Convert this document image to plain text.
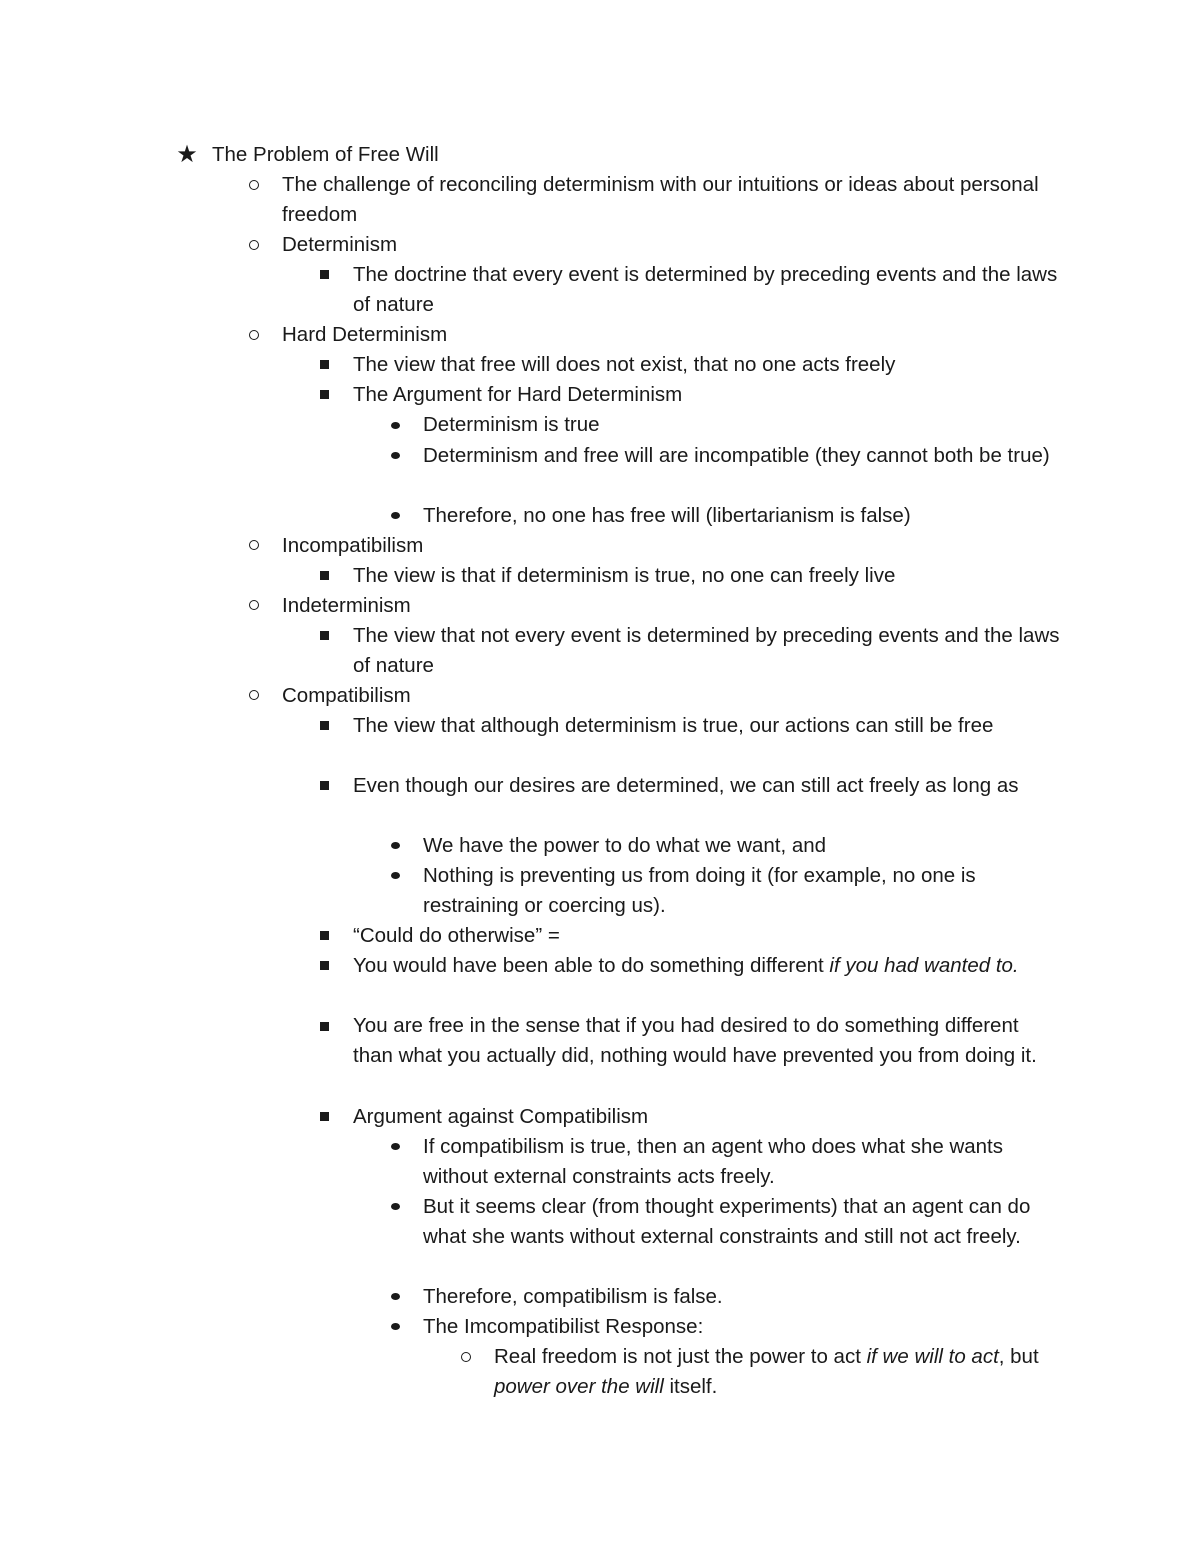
★ The Problem of Free Will
The challenge of reconciling determinism with our intuitions or ideas about personal freedom
Determinism
The doctrine that every event is determined by preceding events and the laws of nature
Hard Determinism
The view that free will does not exist, that no one acts freely
The Argument for Hard Determinism
Determinism is true
Determinism and free will are incompatible (they cannot both be true)
Therefore, no one has free will (libertarianism is false)
Incompatibilism
The view is that if determinism is true, no one can freely live
Indeterminism
The view that not every event is determined by preceding events and the laws of nature
Compatibilism
The view that although determinism is true, our actions can still be free
Even though our desires are determined, we can still act freely as long as
We have the power to do what we want, and
Nothing is preventing us from doing it (for example, no one is restraining or coercing us).
“Could do otherwise” =
You would have been able to do something different if you had wanted to.
You are free in the sense that if you had desired to do something different than what you actually did, nothing would have prevented you from doing it.
Argument against Compatibilism
If compatibilism is true, then an agent who does what she wants without external constraints acts freely.
But it seems clear (from thought experiments) that an agent can do what she wants without external constraints and still not act freely.
Therefore, compatibilism is false.
The Imcompatibilist Response:
Real freedom is not just the power to act if we will to act, but power over the will itself.
